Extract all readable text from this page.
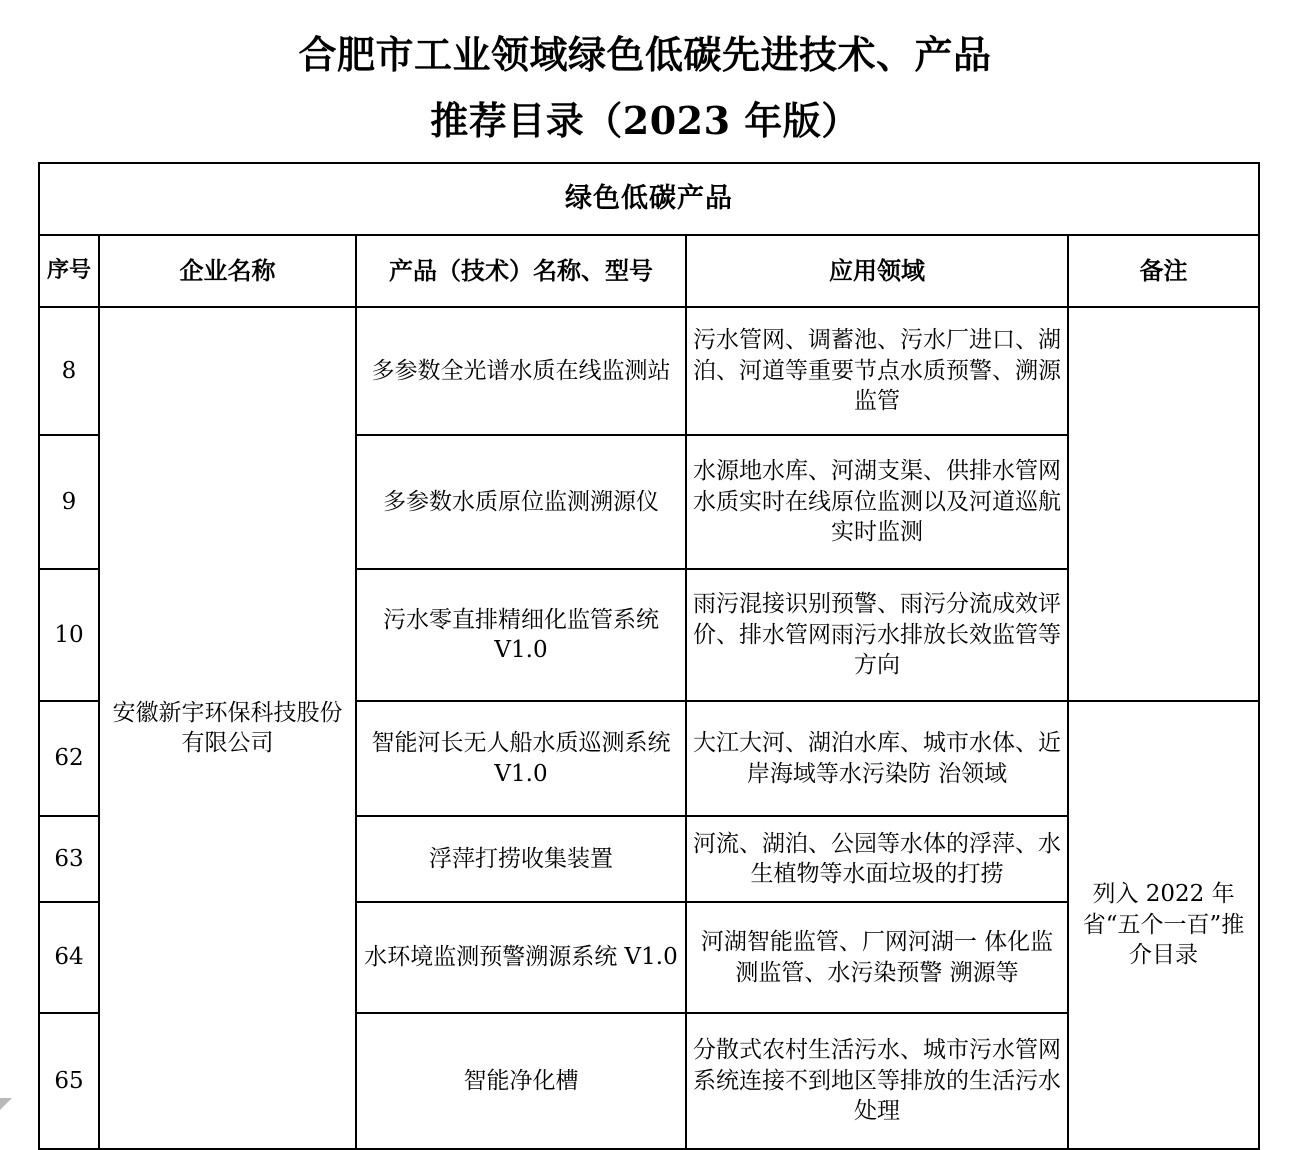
合肥市工业领域绿色低碳先进技术、产品
推荐目录（2023 年版）
绿色低碳产品				
序号	企业名称	产品（技术）名称、型号	应用领域	备注
8	安徽新宇环保科技股份有限公司	多参数全光谱水质在线监测站	污水管网、调蓄池、污水厂进口、湖 泊、河道等重要节点水质预警、溯源 监管	
9		多参数水质原位监测溯源仪	水源地水库、河湖支渠、供排水管网水质实时在线原位监测以及河道巡航实时监测	
10		污水零直排精细化监管系统 V1.0	雨污混接识别预警、雨污分流成效评价、排水管网雨污水排放长效监管等方向	
62		智能河长无人船水质巡测系统 V1.0	大江大河、湖泊水库、城市水体、近岸海域等水污染防 治领域	列入 2022 年省“五个一百”推介目录
63		浮萍打捞收集装置	河流、湖泊、公园等水体的浮萍、水生植物等水面垃圾的打捞	
64		水环境监测预警溯源系统 V1.0	河湖智能监管、厂网河湖一 体化监测监管、水污染预警 溯源等	
65		智能净化槽	分散式农村生活污水、城市污水管网系统连接不到地区等排放的生活污水处理	
